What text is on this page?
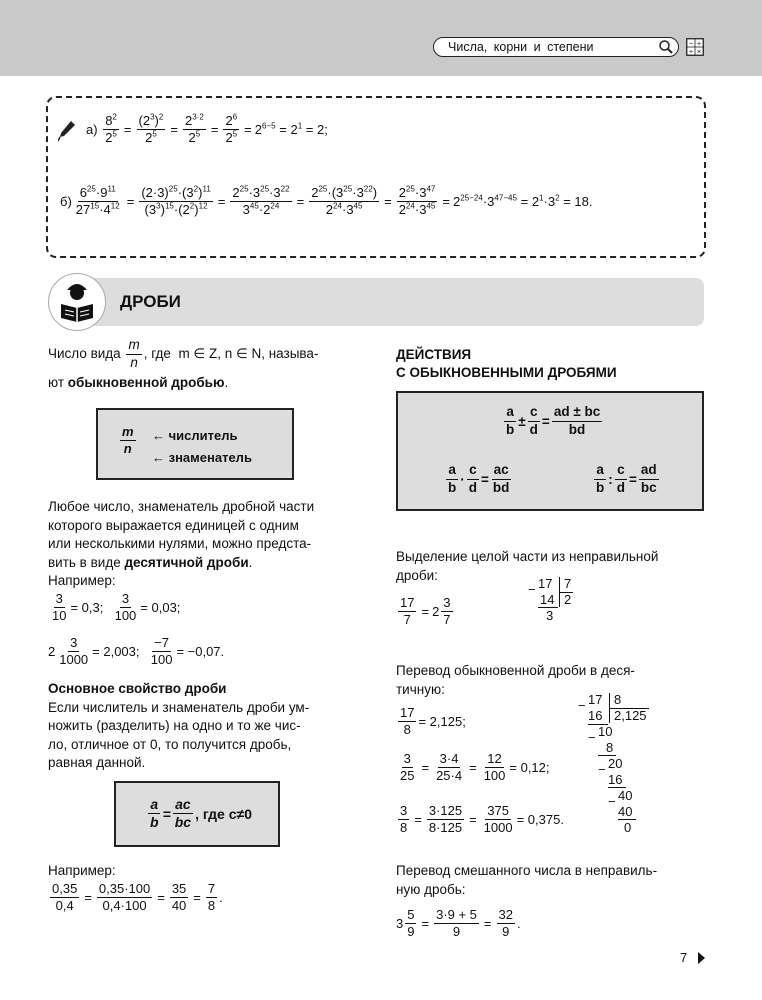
Числа, корни и степени	− +
÷ ×
а)
$\frac{8^2}{2^5} = \frac{(2^3)^2}{2^5} = \frac{2^{3\cdot 2}}{2^5} = \frac{2^6}{2^5} = 2^{6-5} = 2^1 = 2$;
$б) \frac{6^{25}\cdot 9^{11}}{27^{15}\cdot 4^{12}} = \frac{(2\cdot 3)^{25}\cdot(3^2)^{11}}{(3^3)^{15}\cdot(2^2)^{12}} = \frac{2^{25}\cdot 3^{25}\cdot 3^{22}}{3^{45}\cdot 2^{24}} = \frac{2^{25}\cdot(3^{25}\cdot 3^{22})}{2^{24}\cdot 3^{45}} = \frac{2^{25}\cdot 3^{47}}{2^{24}\cdot 3^{45}} = 2^{25-24}\cdot 3^{47-45} = 2^1\cdot 3^2 = 18$.
ДРОБИ
Число вида
$\frac{m}{n}$ , где
m ∈ Z, n ∈ N, называ-
ют обыкновенной дробью.
m
n
← числитель
← знаменатель
Любое число, знаменатель дробной части
которого выражается единицей с одним
или несколькими нулями, можно предста-
вить в виде десятичной дроби.
Например:
$\frac{3}{10} = 0,3$; $\frac{3}{100} = 0,03$;
$2 \frac{3}{1000} = 2,003$; $\frac{-7}{100} = -0,07$.
Основное свойство дроби
Если числитель и знаменатель дроби ум-
ножить (разделить) на одно и то же чис-
ло, отличное от 0, то получится дробь,
равная данной.
$\frac{a}{b} = \frac{ac}{bc}$ , где c≠0
Например:
$\frac{0,35}{0,4} = \frac{0,35\cdot 100}{0,4\cdot 100} = \frac{35}{40} = \frac{7}{8}$ .
ДЕЙСТВИЯ
С ОБЫКНОВЕННЫМИ ДРОБЯМИ
$\frac{a}{b} \pm \frac{c}{d} = \frac{ad \pm bc}{bd}$
$\frac{a}{b} \cdot \frac{c}{d} = \frac{ac}{bd}$	$\frac{a}{b}$ : $\frac{c}{d} = \frac{ad}{bc}$
Выделение целой части из неправильной
дроби:
$\frac{17}{7} = 2 \frac{3}{7}$
− 17 7
14 2
3
Перевод обыкновенной дроби в деся-
тичную:
$\frac{17}{8} = 2,125$;
$\frac{3}{25} = \frac{3\cdot 4}{25\cdot 4} = \frac{12}{100} = 0,12$;
$\frac{3}{8} = \frac{3\cdot 125}{8\cdot 125} = \frac{375}{1000} = 0,375$.
− 17 8
16 2,125
− 10
8
− 20
16
− 40
40
0
Перевод смешанного числа в неправиль-
ную дробь:
$3 \frac{5}{9} = \frac{3\cdot 9 + 5}{9} = \frac{32}{9}$ .
7
